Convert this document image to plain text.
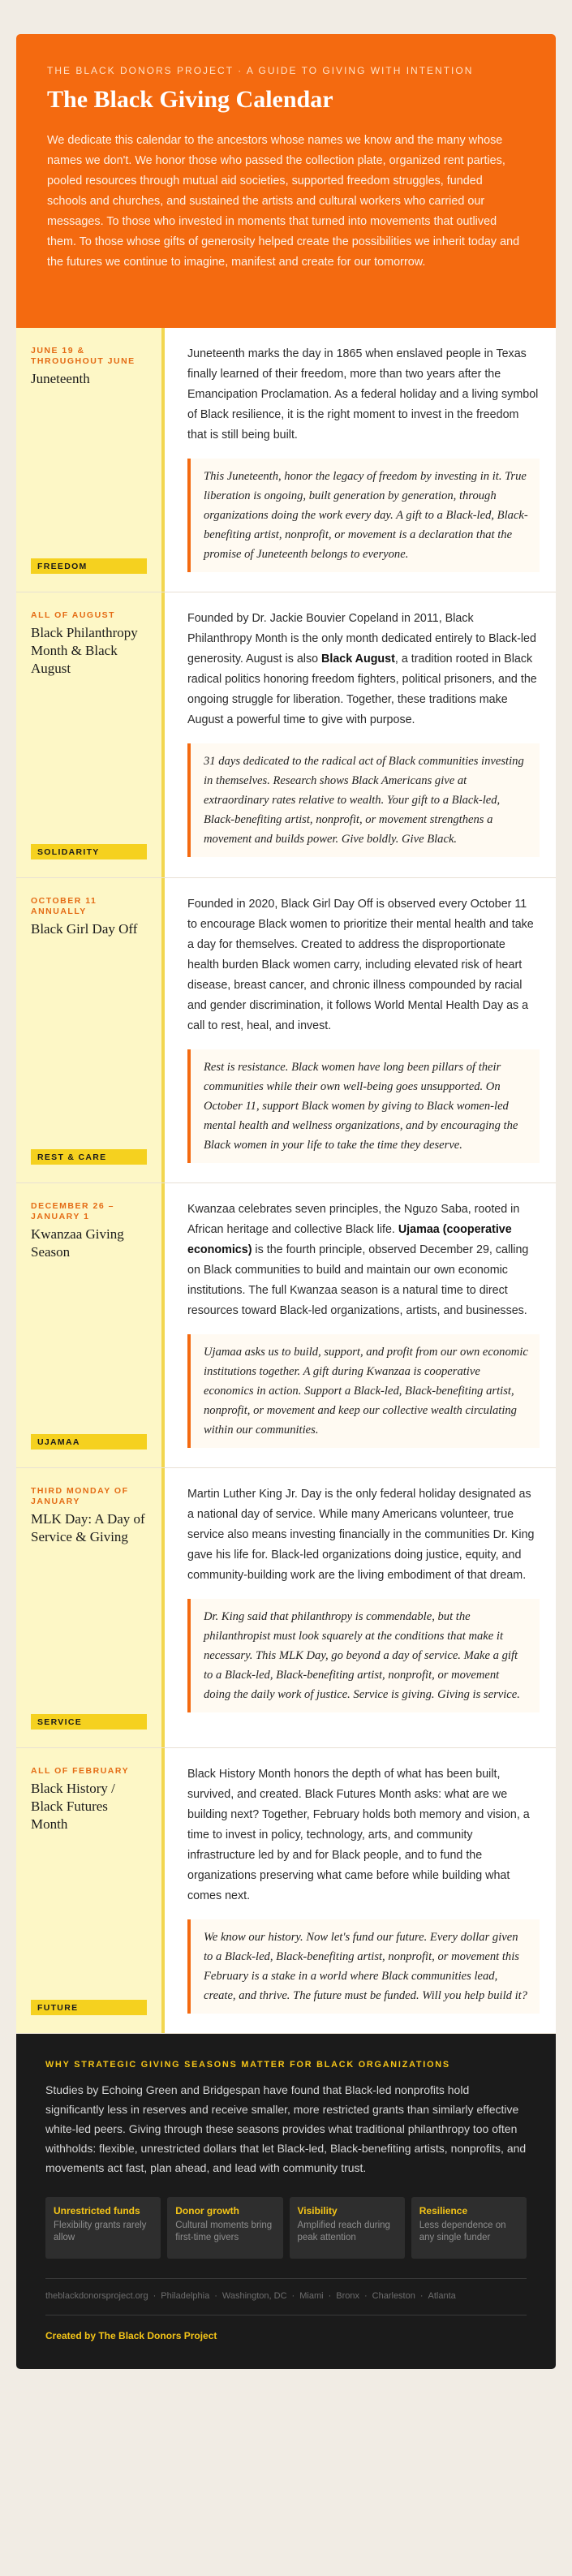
THE BLACK DONORS PROJECT · A GUIDE TO GIVING WITH INTENTION
The Black Giving Calendar

We dedicate this calendar to the ancestors whose names we know and the many whose names we don't. We honor those who passed the collection plate, organized rent parties, pooled resources through mutual aid societies, supported freedom struggles, funded schools and churches, and sustained the artists and cultural workers who carried our messages. To those who invested in moments that turned into movements that outlived them. To those whose gifts of generosity helped create the possibilities we inherit today and the futures we continue to imagine, manifest and create for our tomorrow.

JUNE 19 & THROUGHOUT JUNE
Juneteenth
FREEDOM
Juneteenth marks the day in 1865 when enslaved people in Texas finally learned of their freedom, more than two years after the Emancipation Proclamation. As a federal holiday and a living symbol of Black resilience, it is the right moment to invest in the freedom that is still being built.
This Juneteenth, honor the legacy of freedom by investing in it. True liberation is ongoing, built generation by generation, through organizations doing the work every day. A gift to a Black-led, Black-benefiting artist, nonprofit, or movement is a declaration that the promise of Juneteenth belongs to everyone.
ALL OF AUGUST
Black Philanthropy Month & Black August
SOLIDARITY
Founded by Dr. Jackie Bouvier Copeland in 2011, Black Philanthropy Month is the only month dedicated entirely to Black-led generosity. August is also Black August, a tradition rooted in Black radical politics honoring freedom fighters, political prisoners, and the ongoing struggle for liberation. Together, these traditions make August a powerful time to give with purpose.
31 days dedicated to the radical act of Black communities investing in themselves. Research shows Black Americans give at extraordinary rates relative to wealth. Your gift to a Black-led, Black-benefiting artist, nonprofit, or movement strengthens a movement and builds power. Give boldly. Give Black.
OCTOBER 11 ANNUALLY
Black Girl Day Off
REST & CARE
Founded in 2020, Black Girl Day Off is observed every October 11 to encourage Black women to prioritize their mental health and take a day for themselves. Created to address the disproportionate health burden Black women carry, including elevated risk of heart disease, breast cancer, and chronic illness compounded by racial and gender discrimination, it follows World Mental Health Day as a call to rest, heal, and invest.
Rest is resistance. Black women have long been pillars of their communities while their own well-being goes unsupported. On October 11, support Black women by giving to Black women-led mental health and wellness organizations, and by encouraging the Black women in your life to take the time they deserve.
DECEMBER 26 – JANUARY 1
Kwanzaa Giving Season
UJAMAA
Kwanzaa celebrates seven principles, the Nguzo Saba, rooted in African heritage and collective Black life. Ujamaa (cooperative economics) is the fourth principle, observed December 29, calling on Black communities to build and maintain our own economic institutions. The full Kwanzaa season is a natural time to direct resources toward Black-led organizations, artists, and businesses.
Ujamaa asks us to build, support, and profit from our own economic institutions together. A gift during Kwanzaa is cooperative economics in action. Support a Black-led, Black-benefiting artist, nonprofit, or movement and keep our collective wealth circulating within our communities.
THIRD MONDAY OF JANUARY
MLK Day: A Day of Service & Giving
SERVICE
Martin Luther King Jr. Day is the only federal holiday designated as a national day of service. While many Americans volunteer, true service also means investing financially in the communities Dr. King gave his life for. Black-led organizations doing justice, equity, and community-building work are the living embodiment of that dream.
Dr. King said that philanthropy is commendable, but the philanthropist must look squarely at the conditions that make it necessary. This MLK Day, go beyond a day of service. Make a gift to a Black-led, Black-benefiting artist, nonprofit, or movement doing the daily work of justice. Service is giving. Giving is service.
ALL OF FEBRUARY
Black History / Black Futures Month
FUTURE
Black History Month honors the depth of what has been built, survived, and created. Black Futures Month asks: what are we building next? Together, February holds both memory and vision, a time to invest in policy, technology, arts, and community infrastructure led by and for Black people, and to fund the organizations preserving what came before while building what comes next.
We know our history. Now let's fund our future. Every dollar given to a Black-led, Black-benefiting artist, nonprofit, or movement this February is a stake in a world where Black communities lead, create, and thrive. The future must be funded. Will you help build it?
WHY STRATEGIC GIVING SEASONS MATTER FOR BLACK ORGANIZATIONS
Studies by Echoing Green and Bridgespan have found that Black-led nonprofits hold significantly less in reserves and receive smaller, more restricted grants than similarly effective white-led peers. Giving through these seasons provides what traditional philanthropy too often withholds: flexible, unrestricted dollars that let Black-led, Black-benefiting artists, nonprofits, and movements act fast, plan ahead, and lead with community trust.
Unrestricted funds
Flexibility grants rarely allow
Donor growth
Cultural moments bring first-time givers
Visibility
Amplified reach during peak attention
Resilience
Less dependence on any single funder
theblackdonorsproject.org · Philadelphia · Washington, DC · Miami · Bronx · Charleston · Atlanta
Created by The Black Donors Project
